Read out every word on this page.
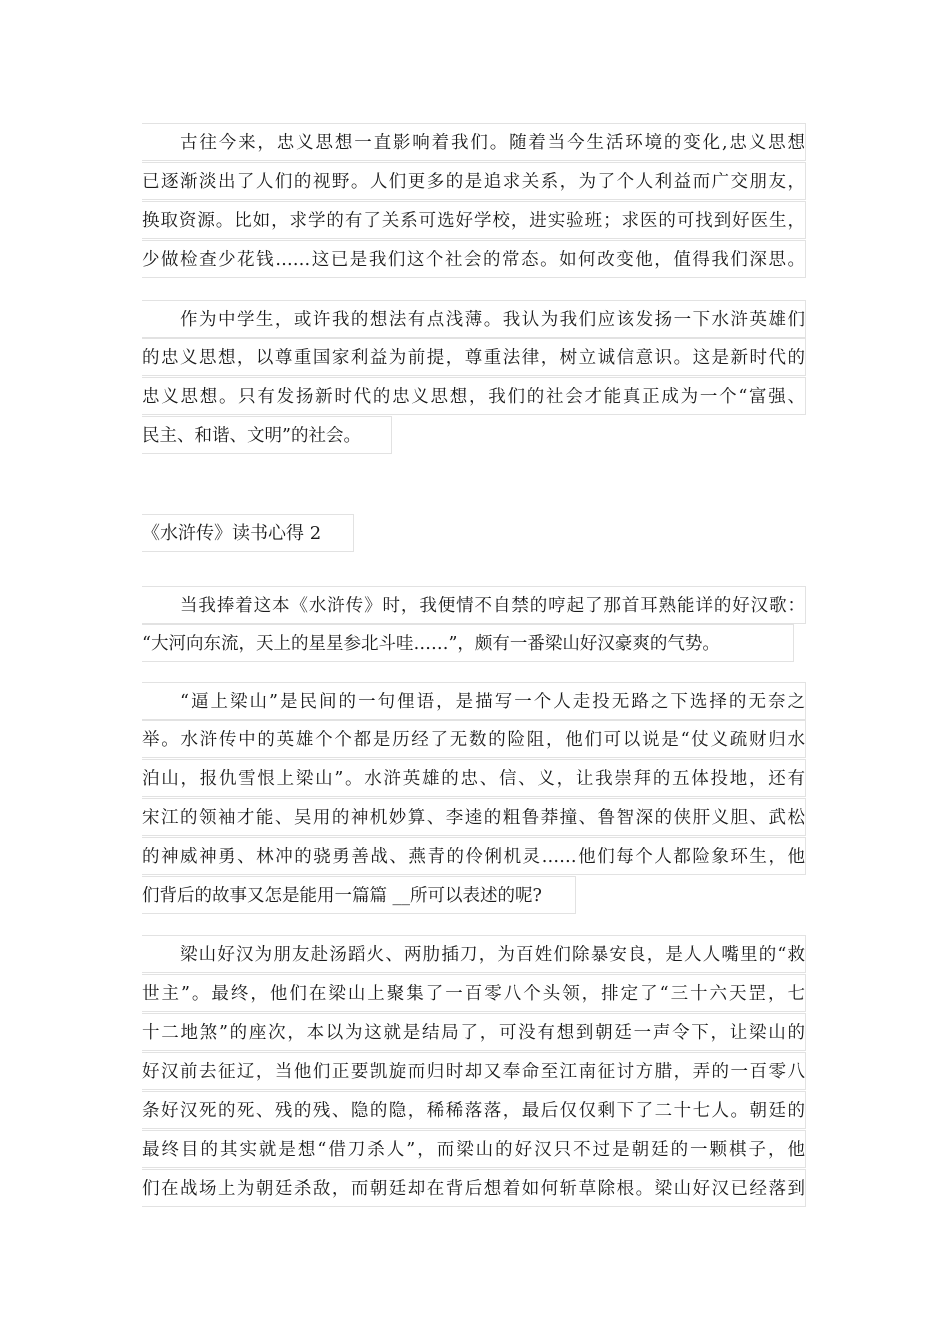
古往今来，忠义思想一直影响着我们。随着当今生活环境的变化,忠义思想
已逐渐淡出了人们的视野。人们更多的是追求关系，为了个人利益而广交朋友，
换取资源。比如，求学的有了关系可选好学校，进实验班；求医的可找到好医生，
少做检查少花钱……这已是我们这个社会的常态。如何改变他，值得我们深思。
作为中学生，或许我的想法有点浅薄。我认为我们应该发扬一下水浒英雄们
的忠义思想，以尊重国家利益为前提，尊重法律，树立诚信意识。这是新时代的
忠义思想。只有发扬新时代的忠义思想，我们的社会才能真正成为一个“富强、
民主、和谐、文明”的社会。
《水浒传》读书心得 2
当我捧着这本《水浒传》时，我便情不自禁的哼起了那首耳熟能详的好汉歌：
“大河向东流，天上的星星参北斗哇……”，颇有一番梁山好汉豪爽的气势。
“逼上梁山”是民间的一句俚语，是描写一个人走投无路之下选择的无奈之
举。水浒传中的英雄个个都是历经了无数的险阻，他们可以说是“仗义疏财归水
泊山，报仇雪恨上梁山”。水浒英雄的忠、信、义，让我崇拜的五体投地，还有
宋江的领袖才能、吴用的神机妙算、李逵的粗鲁莽撞、鲁智深的侠肝义胆、武松
的神威神勇、林冲的骁勇善战、燕青的伶俐机灵……他们每个人都险象环生，他
们背后的故事又怎是能用一篇篇 __所可以表述的呢?
梁山好汉为朋友赴汤蹈火、两肋插刀，为百姓们除暴安良，是人人嘴里的“救
世主”。最终，他们在梁山上聚集了一百零八个头领，排定了“三十六天罡，七
十二地煞”的座次，本以为这就是结局了，可没有想到朝廷一声令下，让梁山的
好汉前去征辽，当他们正要凯旋而归时却又奉命至江南征讨方腊，弄的一百零八
条好汉死的死、残的残、隐的隐，稀稀落落，最后仅仅剩下了二十七人。朝廷的
最终目的其实就是想“借刀杀人”，而梁山的好汉只不过是朝廷的一颗棋子，他
们在战场上为朝廷杀敌，而朝廷却在背后想着如何斩草除根。梁山好汉已经落到
